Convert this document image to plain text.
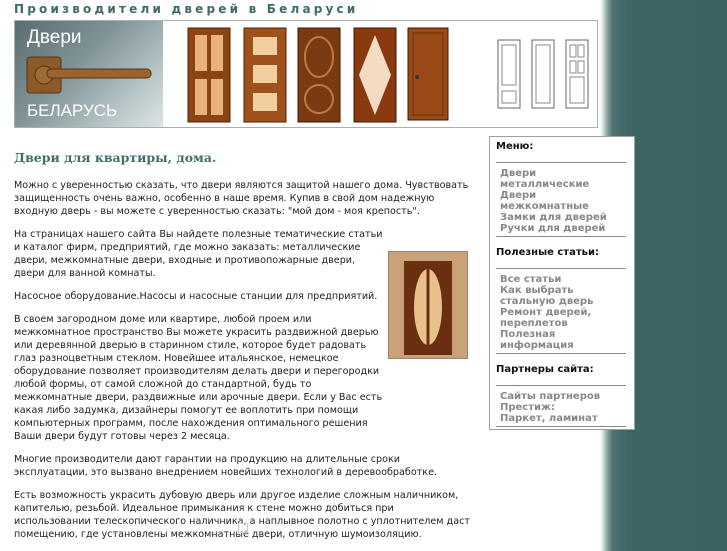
Производители дверей в Беларуси
Двери
БЕЛАРУСЬ
Меню:
Двери металлические
Двери межкомнатные
Замки для дверей
Ручки для дверей
Полезные статьи:
Все статьи
Как выбрать стальную дверь
Ремонт дверей, переплетов
Полезная информация
Партнеры сайта:
Сайты партнеров
Престиж:
Паркет, ламинат
Двери для квартиры, дома.

Можно с уверенностью сказать, что двери являются защитой нашего дома. Чувствовать защищенность очень важно, особенно в наше время. Купив в свой дом надежную входную дверь - вы можете с уверенностью сказать: "мой дом - моя крепость".

На страницах нашего сайта Вы найдете полезные тематические статьи и каталог фирм, предприятий, где можно заказать: металлические двери, межкомнатные двери, входные и противопожарные двери, двери для ванной комнаты.

Насосное оборудование.Насосы и насосные станции для предприятий.

В своем загородном доме или квартире, любой проем или межкомнатное пространство Вы можете украсить раздвижной дверью или деревянной дверью в старинном стиле, которое будет радовать глаз разноцветным стеклом. Новейшее итальянское, немецкое оборудование позволяет производителям делать двери и перегородки любой формы, от самой сложной до стандартной, будь то межкомнатные двери, раздвижные или арочные двери. Если у Вас есть какая либо задумка, дизайнеры помогут ее воплотить при помощи компьютерных программ, после нахождения оптимального решения Ваши двери будут готовы через 2 месяца.

Многие производители дают гарантии на продукцию на длительные сроки эксплуатации, это вызвано внедрением новейших технологий в деревообработке.

Есть возможность украсить дубовую дверь или другое изделие сложным наличником, капителью, резьбой. Идеальное примыкания к стене можно добиться при использовании телескопического наличника, а наплывное полотно с уплотнителем даст помещению, где установлены межкомнатные двери, отличную шумоизоляцию.
